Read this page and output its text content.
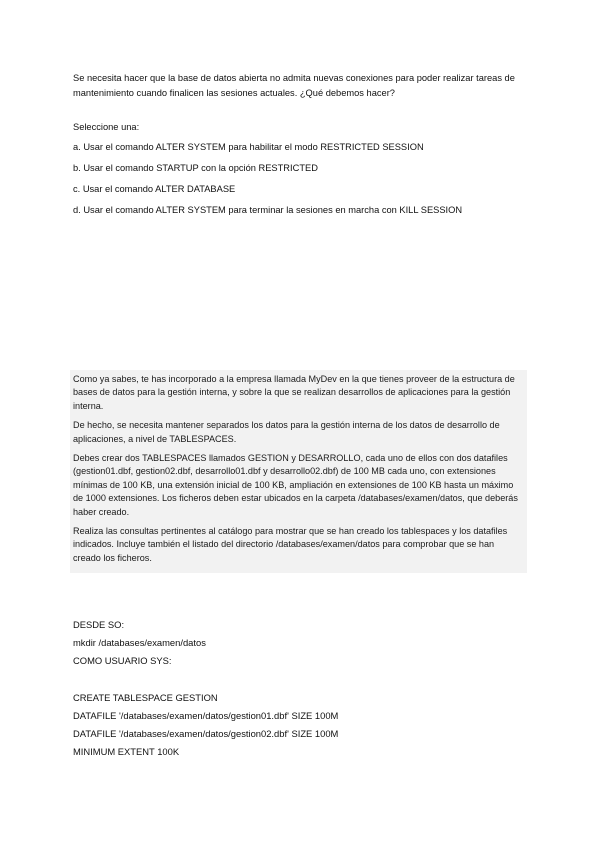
Se necesita hacer que la base de datos abierta no admita nuevas conexiones para poder realizar tareas de mantenimiento cuando finalicen las sesiones actuales. ¿Qué debemos hacer?
Seleccione una:
a. Usar el comando ALTER SYSTEM para habilitar el modo RESTRICTED SESSION
b. Usar el comando STARTUP con la opción RESTRICTED
c. Usar el comando ALTER DATABASE
d. Usar el comando ALTER SYSTEM para terminar la sesiones en marcha con KILL SESSION

Como ya sabes, te has incorporado a la empresa llamada MyDev en la que tienes proveer de la estructura de bases de datos para la gestión interna, y sobre la que se realizan desarrollos de aplicaciones para la gestión interna.

De hecho, se necesita mantener separados los datos para la gestión interna de los datos de desarrollo de aplicaciones, a nivel de TABLESPACES.

Debes crear dos TABLESPACES llamados GESTION y DESARROLLO, cada uno de ellos con dos datafiles (gestion01.dbf, gestion02.dbf, desarrollo01.dbf y desarrollo02.dbf) de 100 MB cada uno, con extensiones mínimas de 100 KB, una extensión inicial de 100 KB, ampliación en extensiones de 100 KB hasta un máximo de 1000 extensiones. Los ficheros deben estar ubicados en la carpeta /databases/examen/datos, que deberás haber creado.

Realiza las consultas pertinentes al catálogo para mostrar que se han creado los tablespaces y los datafiles indicados. Incluye también el listado del directorio /databases/examen/datos para comprobar que se han creado los ficheros.

DESDE SO:
mkdir /databases/examen/datos
COMO USUARIO SYS:
CREATE TABLESPACE GESTION
DATAFILE '/databases/examen/datos/gestion01.dbf' SIZE 100M
DATAFILE '/databases/examen/datos/gestion02.dbf' SIZE 100M
MINIMUM EXTENT 100K
